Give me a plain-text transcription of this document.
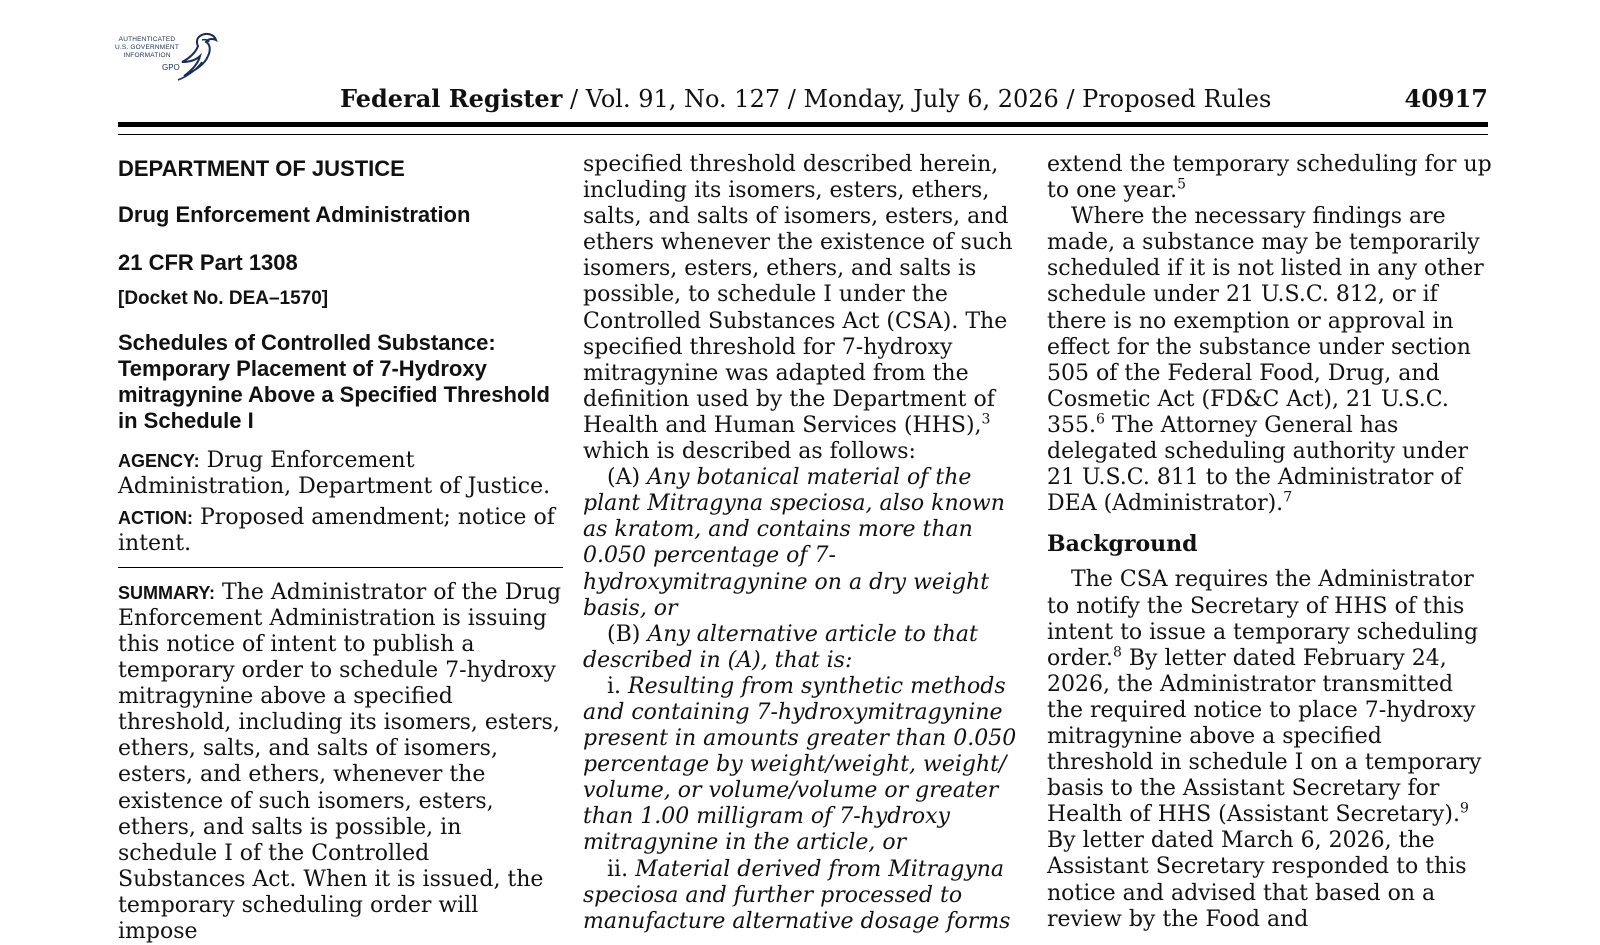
AUTHENTICATED
U.S. GOVERNMENT
INFORMATION
GPO
Federal Register / Vol. 91, No. 127 / Monday, July 6, 2026 / Proposed Rules	40917
DEPARTMENT OF JUSTICE
Drug Enforcement Administration
21 CFR Part 1308
[Docket No. DEA–1570]
Schedules of Controlled Substance: Temporary Placement of 7-Hydroxy mitragynine Above a Specified Threshold in Schedule I

AGENCY: Drug Enforcement Administration, Department of Justice.

ACTION: Proposed amendment; notice of intent.

SUMMARY: The Administrator of the Drug Enforcement Administration is issuing this notice of intent to publish a temporary order to schedule 7-hydroxy mitragynine above a specified threshold, including its isomers, esters, ethers, salts, and salts of isomers, esters, and ethers, whenever the existence of such isomers, esters, ethers, and salts is possible, in schedule I of the Controlled Substances Act. When it is issued, the temporary scheduling order will impose

specified threshold described herein, including its isomers, esters, ethers, salts, and salts of isomers, esters, and ethers whenever the existence of such isomers, esters, ethers, and salts is possible, to schedule I under the Controlled Substances Act (CSA). The specified threshold for 7-hydroxy mitragynine was adapted from the definition used by the Department of Health and Human Services (HHS),$^3$ which is described as follows:

(A) Any botanical material of the plant Mitragyna speciosa, also known as kratom, and contains more than 0.050 percentage of 7-hydroxymitragynine on a dry weight basis, or

(B) Any alternative article to that described in (A), that is:

i. Resulting from synthetic methods and containing 7-hydroxymitragynine present in amounts greater than 0.050 percentage by weight/weight, weight/ volume, or volume/volume or greater than 1.00 milligram of 7-hydroxy mitragynine in the article, or

ii. Material derived from Mitragyna speciosa and further processed to manufacture alternative dosage forms

extend the temporary scheduling for up to one year.$^5$

Where the necessary findings are made, a substance may be temporarily scheduled if it is not listed in any other schedule under 21 U.S.C. 812, or if there is no exemption or approval in effect for the substance under section 505 of the Federal Food, Drug, and Cosmetic Act (FD&C Act), 21 U.S.C. 355.$^6$ The Attorney General has delegated scheduling authority under 21 U.S.C. 811 to the Administrator of DEA (Administrator).$^7$

Background

The CSA requires the Administrator to notify the Secretary of HHS of this intent to issue a temporary scheduling order.$^8$ By letter dated February 24, 2026, the Administrator transmitted the required notice to place 7-hydroxy mitragynine above a specified threshold in schedule I on a temporary basis to the Assistant Secretary for Health of HHS (Assistant Secretary).$^9$ By letter dated March 6, 2026, the Assistant Secretary responded to this notice and advised that based on a review by the Food and
